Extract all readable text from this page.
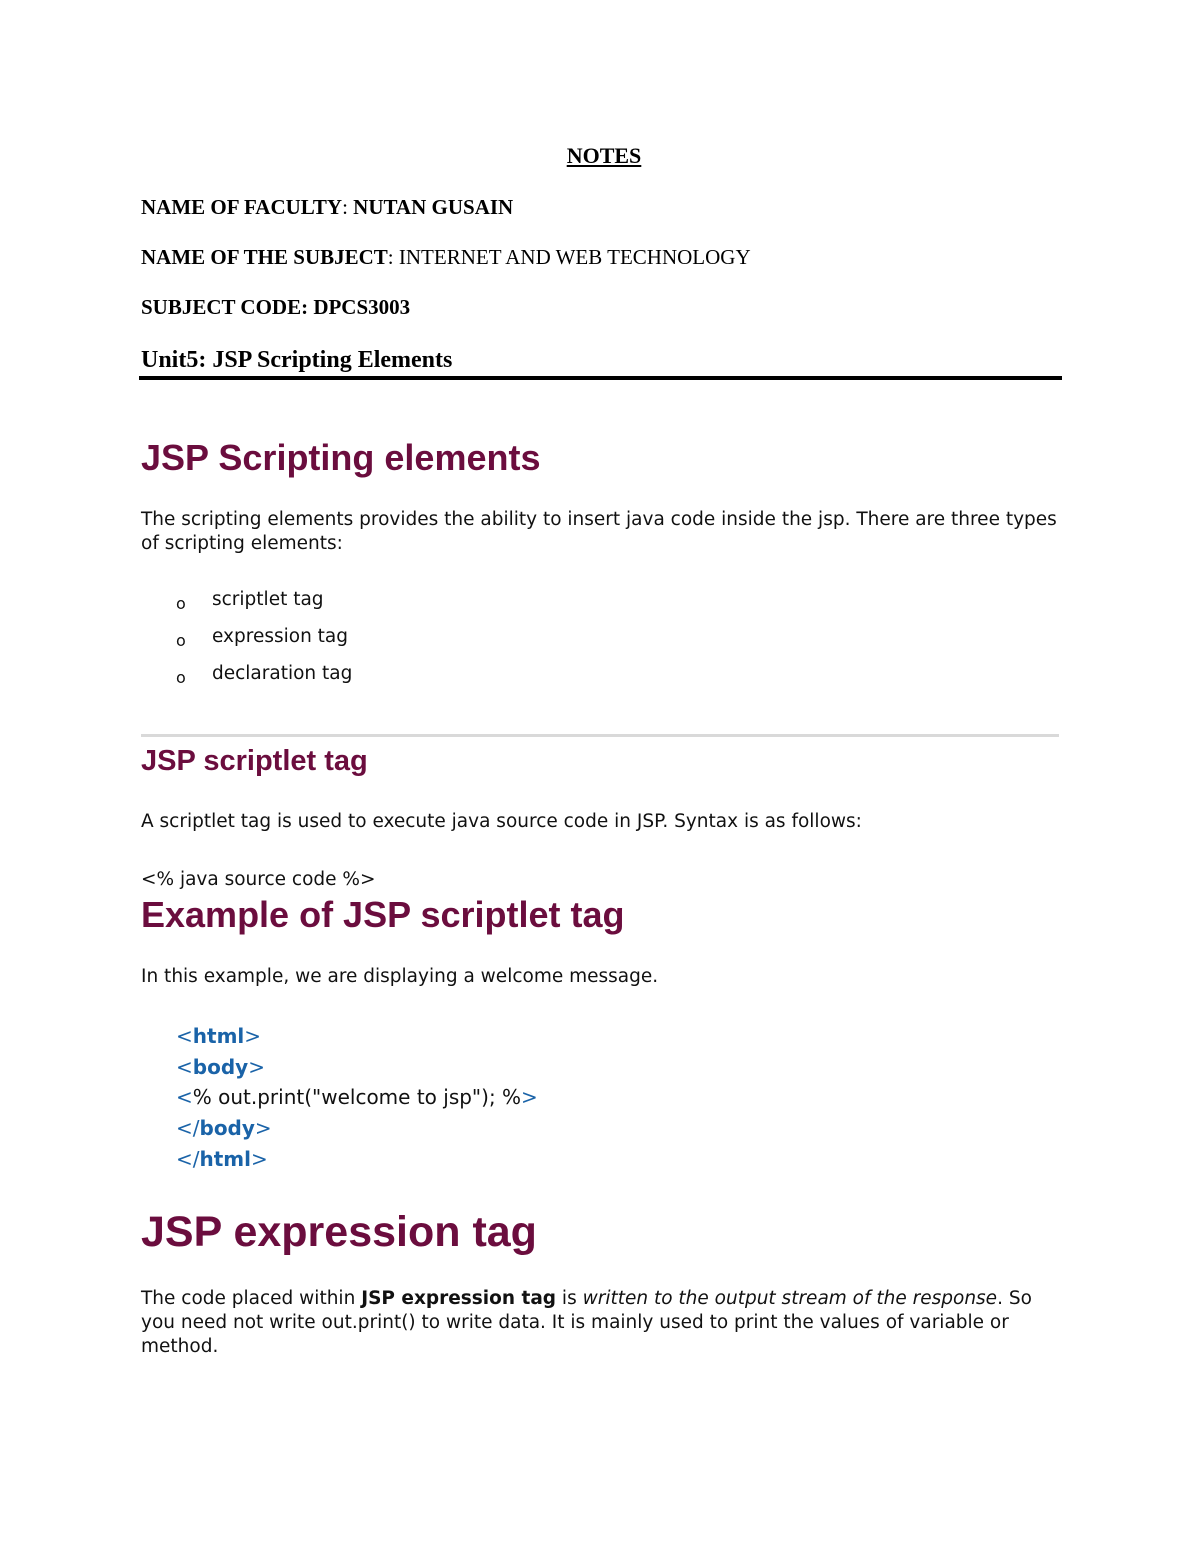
NOTES
NAME OF FACULTY: NUTAN GUSAIN
NAME OF THE SUBJECT: INTERNET AND WEB TECHNOLOGY
SUBJECT CODE: DPCS3003
Unit5: JSP Scripting Elements
JSP Scripting elements
The scripting elements provides the ability to insert java code inside the jsp. There are three types of scripting elements:
o scriptlet tag
o expression tag
o declaration tag
JSP scriptlet tag
A scriptlet tag is used to execute java source code in JSP. Syntax is as follows:
<% java source code %>
Example of JSP scriptlet tag
In this example, we are displaying a welcome message.
<html>
<body>
<% out.print("welcome to jsp"); %>
</body>
</html>
JSP expression tag
The code placed within JSP expression tag is written to the output stream of the response. So you need not write out.print() to write data. It is mainly used to print the values of variable or method.
